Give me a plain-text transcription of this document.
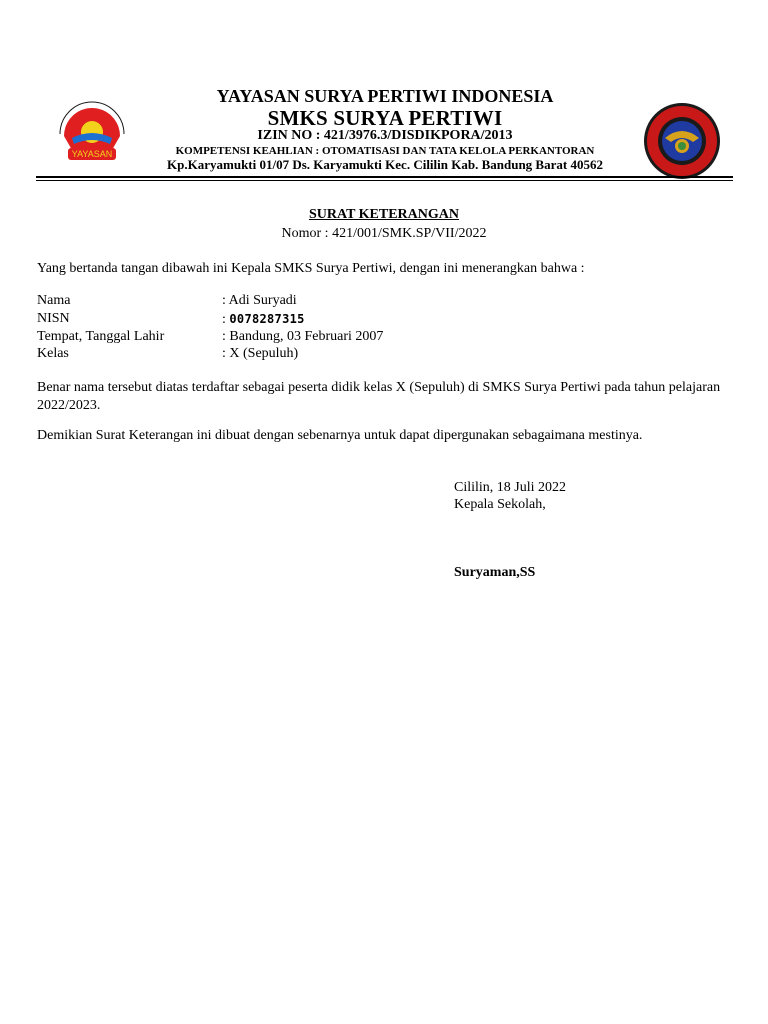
YAYASAN
YAYASAN SURYA PERTIWI INDONESIA
SMKS SURYA PERTIWI
IZIN NO : 421/3976.3/DISDIKPORA/2013
KOMPETENSI KEAHLIAN : OTOMATISASI DAN TATA KELOLA PERKANTORAN
Kp.Karyamukti 01/07 Ds. Karyamukti Kec. Cililin Kab. Bandung Barat 40562
SURAT KETERANGAN
Nomor : 421/001/SMK.SP/VII/2022
Yang bertanda tangan dibawah ini Kepala SMKS Surya Pertiwi, dengan ini menerangkan bahwa :
Nama	: Adi Suryadi
NISN	: 0078287315
Tempat, Tanggal Lahir	: Bandung, 03 Februari 2007
Kelas	: X (Sepuluh)
Benar nama tersebut diatas terdaftar sebagai peserta didik kelas X (Sepuluh) di SMKS Surya Pertiwi pada tahun pelajaran 2022/2023.
Demikian Surat Keterangan ini dibuat dengan sebenarnya untuk dapat dipergunakan sebagaimana mestinya.
Cililin, 18 Juli 2022
Kepala Sekolah,
Suryaman,SS
